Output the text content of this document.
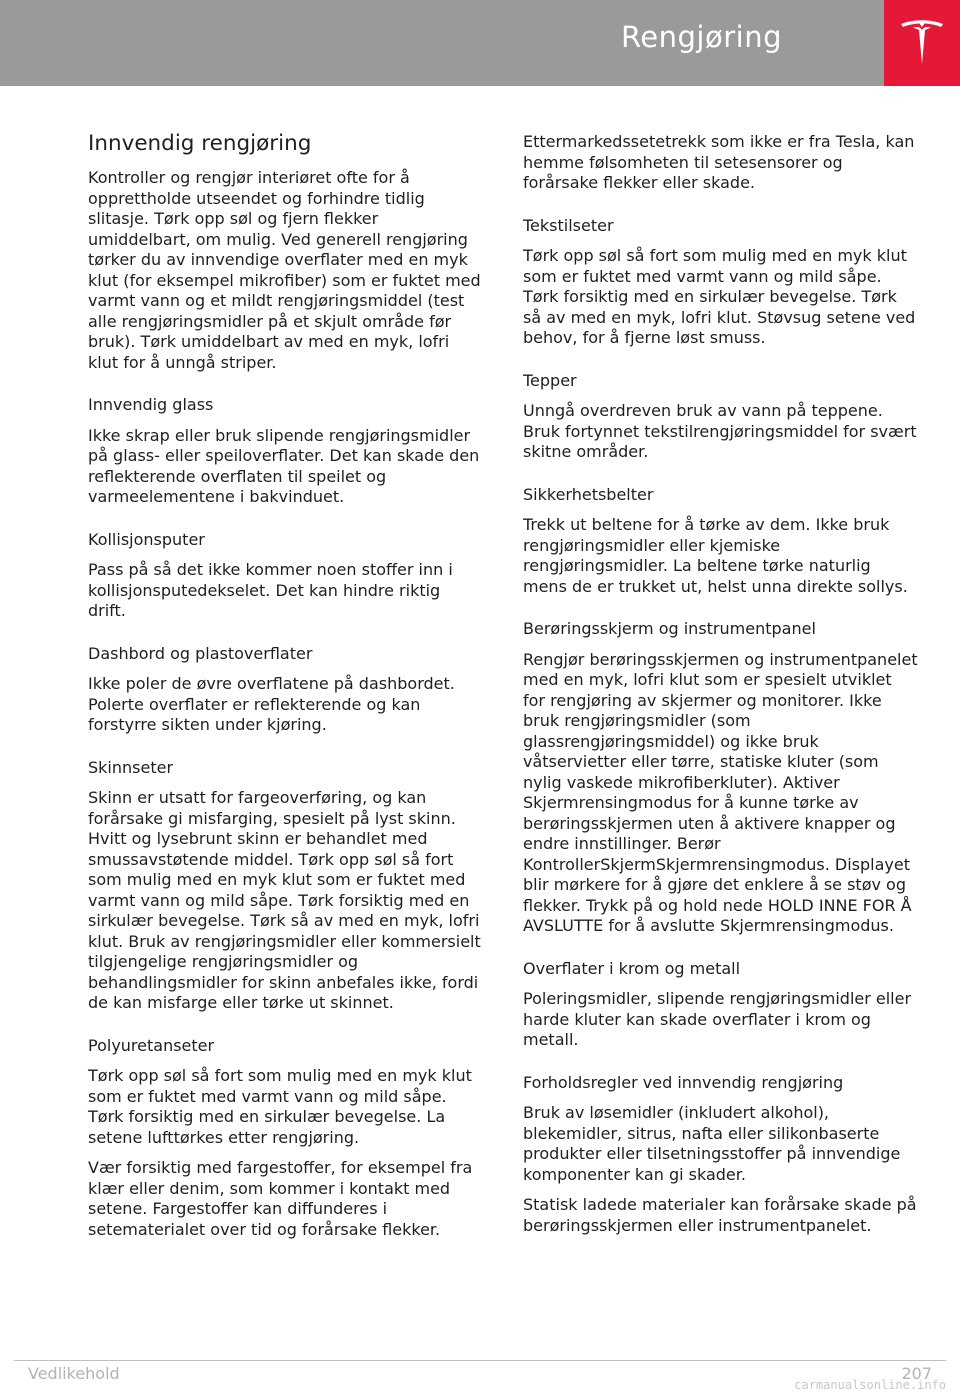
Rengjøring
Innvendig rengjøring

Kontroller og rengjør interiøret ofte for å opprettholde utseendet og forhindre tidlig slitasje. Tørk opp søl og fjern flekker umiddelbart, om mulig. Ved generell rengjøring tørker du av innvendige overflater med en myk klut (for eksempel mikrofiber) som er fuktet med varmt vann og et mildt rengjøringsmiddel (test alle rengjøringsmidler på et skjult område før bruk). Tørk umiddelbart av med en myk, lofri klut for å unngå striper.

Innvendig glass

Ikke skrap eller bruk slipende rengjøringsmidler på glass- eller speiloverflater. Det kan skade den reflekterende overflaten til speilet og varmeelementene i bakvinduet.

Kollisjonsputer

Pass på så det ikke kommer noen stoffer inn i kollisjonsputedekselet. Det kan hindre riktig drift.

Dashbord og plastoverflater

Ikke poler de øvre overflatene på dashbordet. Polerte overflater er reflekterende og kan forstyrre sikten under kjøring.

Skinnseter

Skinn er utsatt for fargeoverføring, og kan forårsake gi misfarging, spesielt på lyst skinn. Hvitt og lysebrunt skinn er behandlet med smussavstøtende middel. Tørk opp søl så fort som mulig med en myk klut som er fuktet med varmt vann og mild såpe. Tørk forsiktig med en sirkulær bevegelse. Tørk så av med en myk, lofri klut. Bruk av rengjøringsmidler eller kommersielt tilgjengelige rengjøringsmidler og behandlingsmidler for skinn anbefales ikke, fordi de kan misfarge eller tørke ut skinnet.

Polyuretanseter

Tørk opp søl så fort som mulig med en myk klut som er fuktet med varmt vann og mild såpe. Tørk forsiktig med en sirkulær bevegelse. La setene lufttørkes etter rengjøring.

Vær forsiktig med fargestoffer, for eksempel fra klær eller denim, som kommer i kontakt med setene. Fargestoffer kan diffunderes i setematerialet over tid og forårsake flekker.

Ettermarkedssetetrekk som ikke er fra Tesla, kan hemme følsomheten til setesensorer og forårsake flekker eller skade.

Tekstilseter

Tørk opp søl så fort som mulig med en myk klut som er fuktet med varmt vann og mild såpe. Tørk forsiktig med en sirkulær bevegelse. Tørk så av med en myk, lofri klut. Støvsug setene ved behov, for å fjerne løst smuss.

Tepper

Unngå overdreven bruk av vann på teppene. Bruk fortynnet tekstilrengjøringsmiddel for svært skitne områder.

Sikkerhetsbelter

Trekk ut beltene for å tørke av dem. Ikke bruk rengjøringsmidler eller kjemiske rengjøringsmidler. La beltene tørke naturlig mens de er trukket ut, helst unna direkte sollys.

Berøringsskjerm og instrumentpanel

Rengjør berøringsskjermen og instrumentpanelet med en myk, lofri klut som er spesielt utviklet for rengjøring av skjermer og monitorer. Ikke bruk rengjøringsmidler (som glassrengjøringsmiddel) og ikke bruk våtservietter eller tørre, statiske kluter (som nylig vaskede mikrofiberkluter). Aktiver Skjermrensingmodus for å kunne tørke av berøringsskjermen uten å aktivere knapper og endre innstillinger. Berør KontrollerSkjermSkjermrensingmodus. Displayet blir mørkere for å gjøre det enklere å se støv og flekker. Trykk på og hold nede HOLD INNE FOR Å AVSLUTTE for å avslutte Skjermrensingmodus.

Overflater i krom og metall

Poleringsmidler, slipende rengjøringsmidler eller harde kluter kan skade overflater i krom og metall.

Forholdsregler ved innvendig rengjøring

Bruk av løsemidler (inkludert alkohol), blekemidler, sitrus, nafta eller silikonbaserte produkter eller tilsetningsstoffer på innvendige komponenter kan gi skader.

Statisk ladede materialer kan forårsake skade på berøringsskjermen eller instrumentpanelet.

Vedlikehold	207
carmanualsonline.info
